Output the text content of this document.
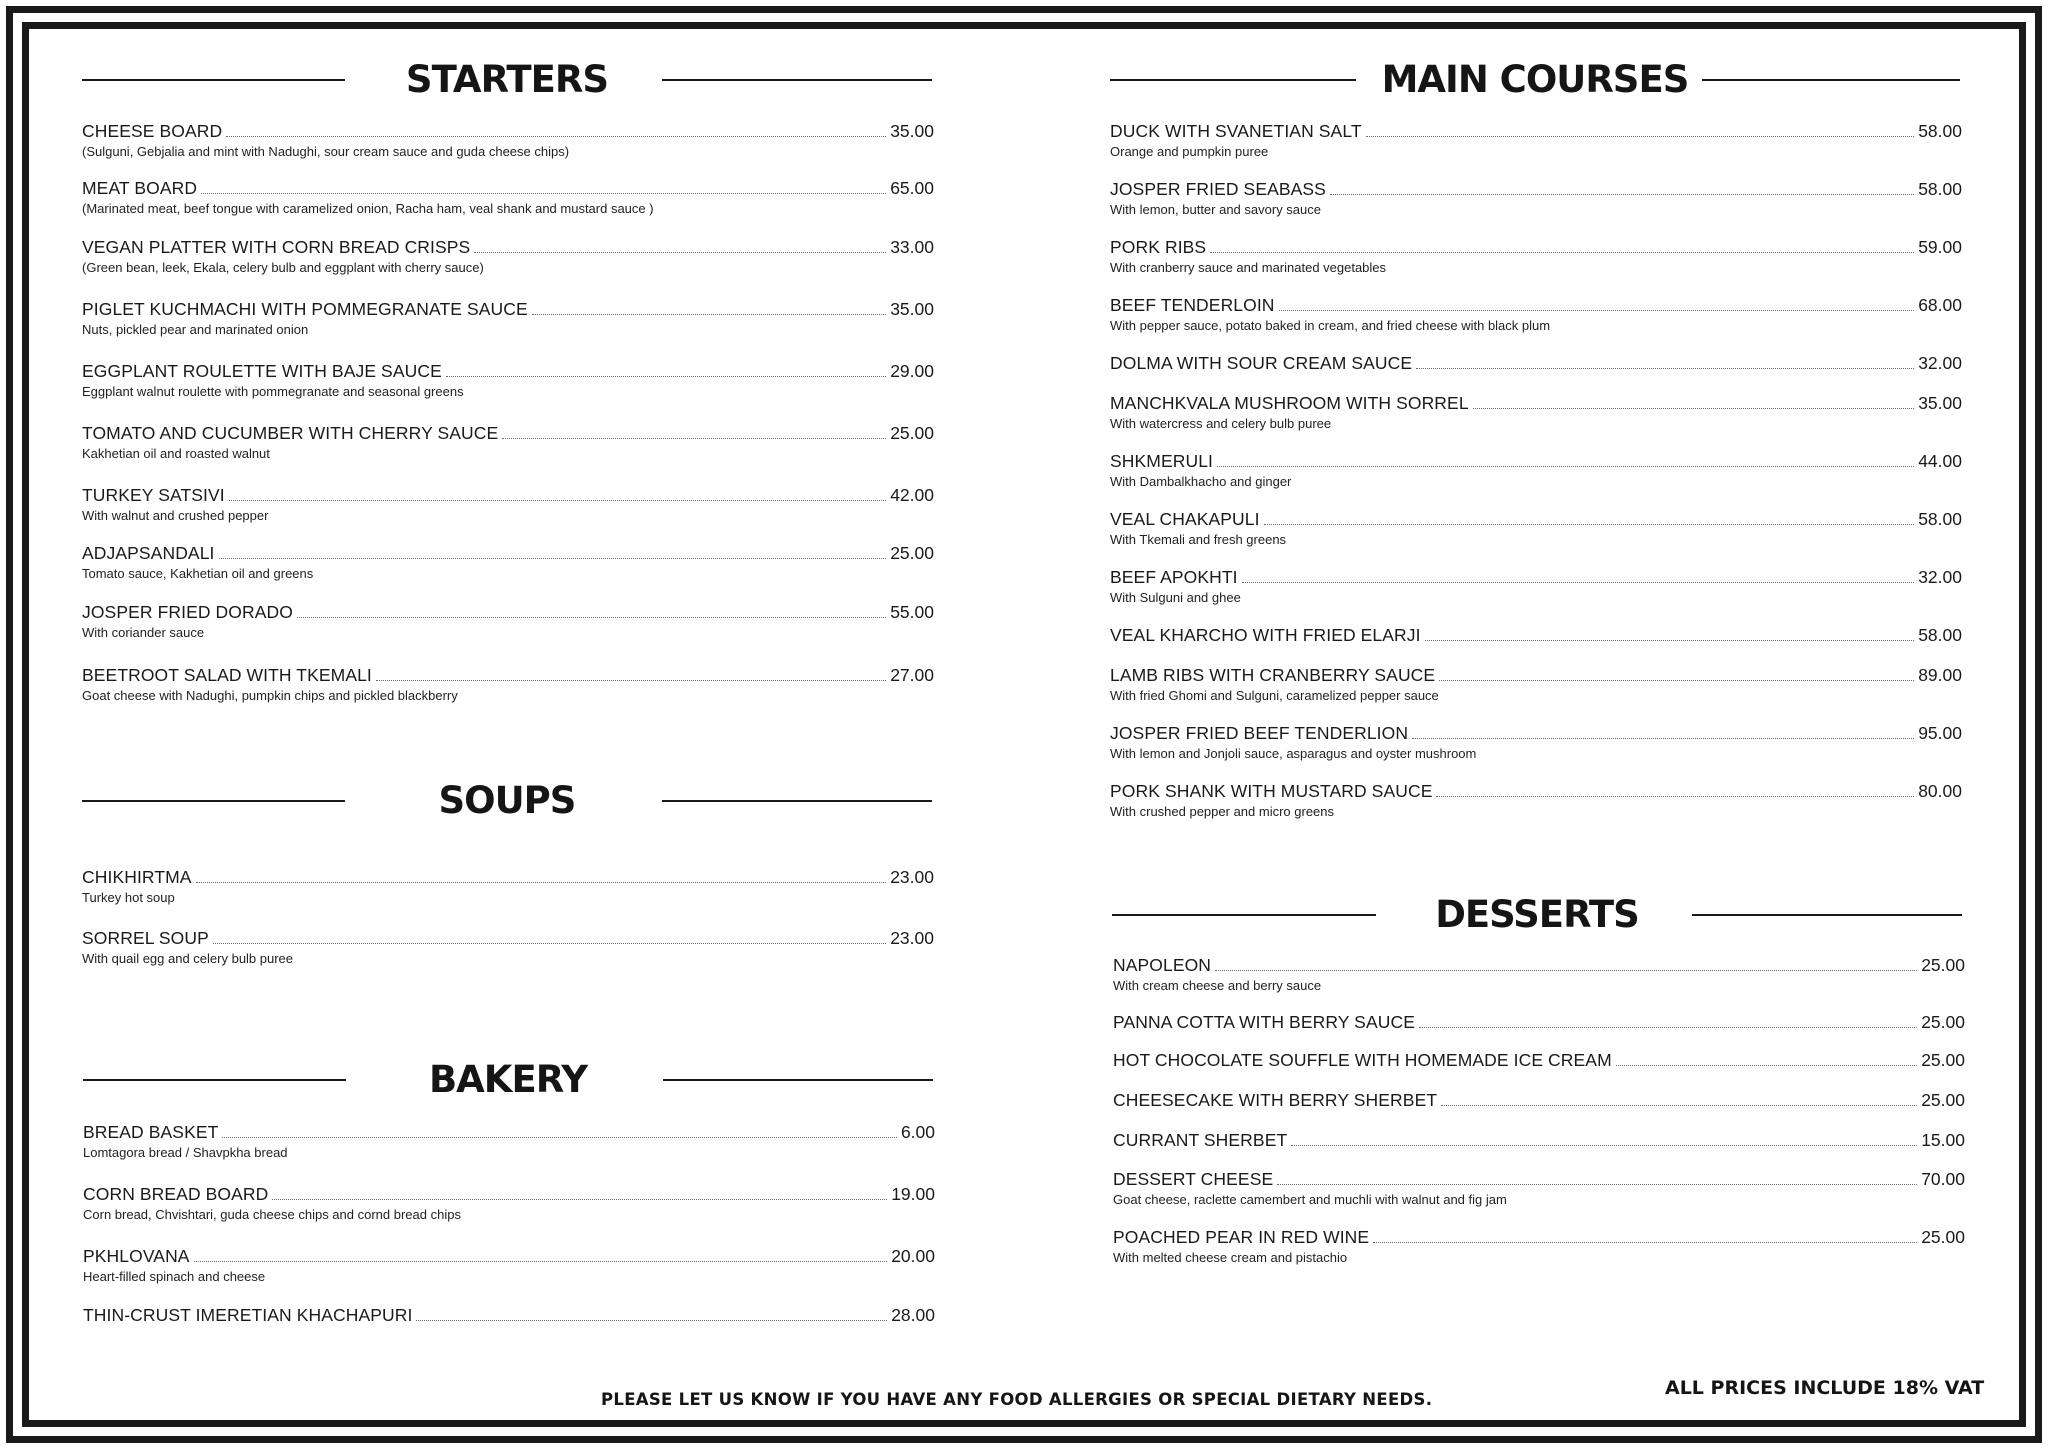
STARTERS
SOUPS
BAKERY
MAIN COURSES
DESSERTS
CHEESE BOARD	35.00
(Sulguni, Gebjalia and mint with Nadughi, sour cream sauce and guda cheese chips)
MEAT BOARD	65.00
(Marinated meat, beef tongue with caramelized onion, Racha ham, veal shank and mustard sauce )
VEGAN PLATTER WITH CORN BREAD CRISPS	33.00
(Green bean, leek, Ekala, celery bulb and eggplant with cherry sauce)
PIGLET KUCHMACHI WITH POMMEGRANATE SAUCE	35.00
Nuts, pickled pear and marinated onion
EGGPLANT ROULETTE WITH BAJE SAUCE	29.00
Eggplant walnut roulette with pommegranate and seasonal greens
TOMATO AND CUCUMBER WITH CHERRY SAUCE	25.00
Kakhetian oil and roasted walnut
TURKEY SATSIVI	42.00
With walnut and crushed pepper
ADJAPSANDALI	25.00
Tomato sauce, Kakhetian oil and greens
JOSPER FRIED DORADO	55.00
With coriander sauce
BEETROOT SALAD WITH TKEMALI	27.00
Goat cheese with Nadughi, pumpkin chips and pickled blackberry
CHIKHIRTMA	23.00
Turkey hot soup
SORREL SOUP	23.00
With quail egg and celery bulb puree
BREAD BASKET	6.00
Lomtagora bread / Shavpkha bread
CORN BREAD BOARD	19.00
Corn bread, Chvishtari, guda cheese chips and cornd bread chips
PKHLOVANA	20.00
Heart-filled spinach and cheese
THIN-CRUST IMERETIAN KHACHAPURI	28.00
DUCK WITH SVANETIAN SALT	58.00
Orange and pumpkin puree
JOSPER FRIED SEABASS	58.00
With lemon, butter and savory sauce
PORK RIBS	59.00
With cranberry sauce and marinated vegetables
BEEF TENDERLOIN	68.00
With pepper sauce, potato baked in cream, and fried cheese with black plum
DOLMA WITH SOUR CREAM SAUCE	32.00
MANCHKVALA MUSHROOM WITH SORREL	35.00
With watercress and celery bulb puree
SHKMERULI	44.00
With Dambalkhacho and ginger
VEAL CHAKAPULI	58.00
With Tkemali and fresh greens
BEEF APOKHTI	32.00
With Sulguni and ghee
VEAL KHARCHO WITH FRIED ELARJI	58.00
LAMB RIBS WITH CRANBERRY SAUCE	89.00
With fried Ghomi and Sulguni, caramelized pepper sauce
JOSPER FRIED BEEF TENDERLION	95.00
With lemon and Jonjoli sauce, asparagus and oyster mushroom
PORK SHANK WITH MUSTARD SAUCE	80.00
With crushed pepper and micro greens
NAPOLEON	25.00
With cream cheese and berry sauce
PANNA COTTA WITH BERRY SAUCE	25.00
HOT CHOCOLATE SOUFFLE WITH HOMEMADE ICE CREAM	25.00
CHEESECAKE WITH BERRY SHERBET	25.00
CURRANT SHERBET	15.00
DESSERT CHEESE	70.00
Goat cheese, raclette camembert and muchli with walnut and fig jam
POACHED PEAR IN RED WINE	25.00
With melted cheese cream and pistachio
PLEASE LET US KNOW IF YOU HAVE ANY FOOD ALLERGIES OR SPECIAL DIETARY NEEDS.
ALL PRICES INCLUDE 18% VAT
